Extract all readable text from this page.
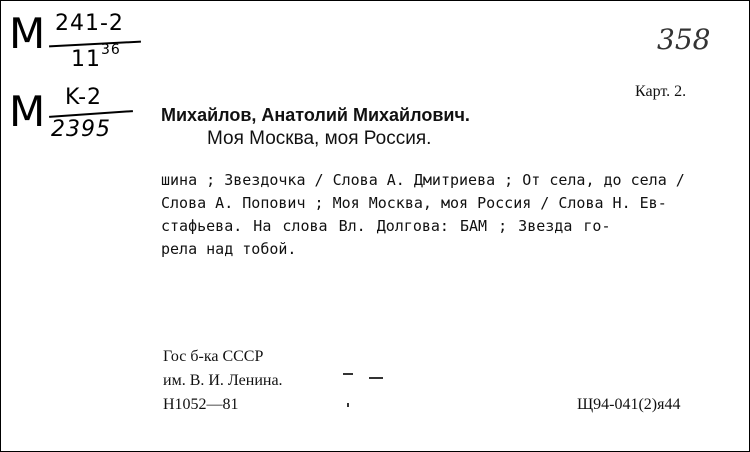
M 241-2
11 36
M K-2
2395
358
Карт. 2.
Михайлов, Анатолий Михайлович.
Моя Москва, моя Россия.
шина ; Звездочка / Слова А. Дмитриева ; От села, до села /
Слова А. Попович ; Моя Москва, моя Россия / Слова Н. Ев-
стафьева. На слова Вл. Долгова: БАМ ; Звезда го-
рела над тобой.
Гос б-ка СССР
им. В. И. Ленина.
Н1052—81	Щ94-041(2)я44
